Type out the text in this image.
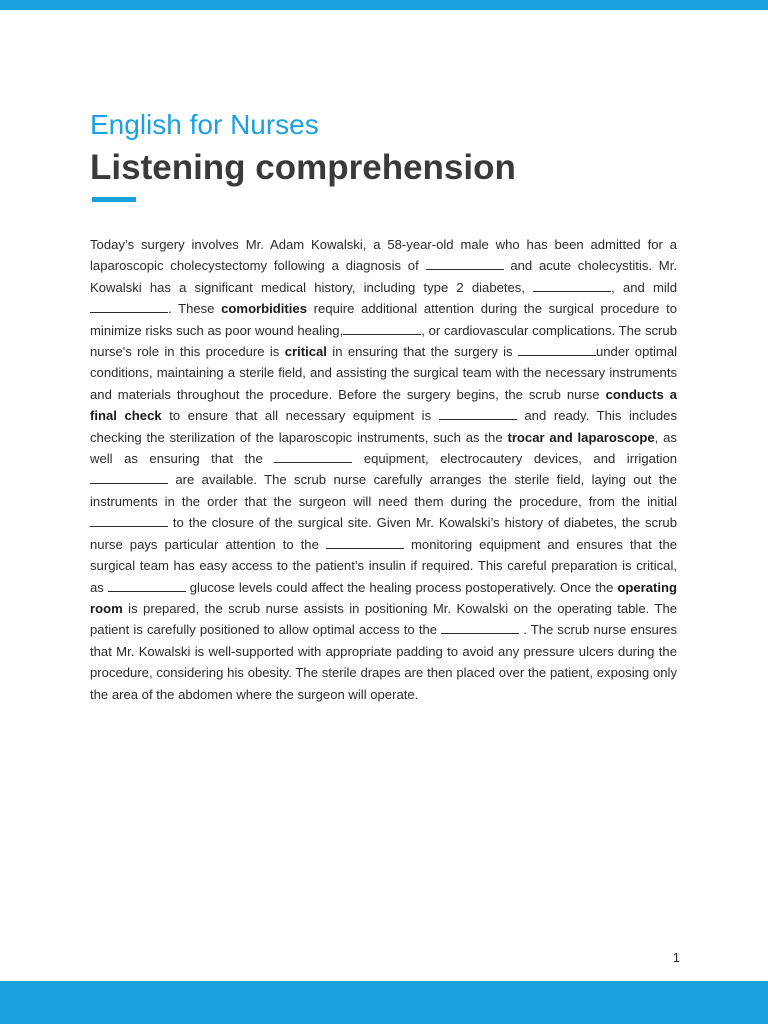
English for Nurses
Listening comprehension

Today’s surgery involves Mr. Adam Kowalski, a 58-year-old male who has been admitted for a laparoscopic cholecystectomy following a diagnosis of	and acute cholecystitis. Mr. Kowalski has a significant medical history, including type 2 diabetes,	, and mild . These comorbidities require additional attention during the surgical procedure to minimize risks such as poor wound healing,	, or cardiovascular complications. The scrub nurse's role in this procedure is critical in ensuring that the surgery is	under optimal conditions, maintaining a sterile field, and assisting the surgical team with the necessary instruments and materials throughout the procedure. Before the surgery begins, the scrub nurse conducts a final check to ensure that all necessary equipment is	and ready. This includes checking the sterilization of the laparoscopic instruments, such as the trocar and laparoscope, as well as ensuring that the	equipment, electrocautery devices, and irrigation  are available. The scrub nurse carefully arranges the sterile field, laying out the instruments in the order that the surgeon will need them during the procedure, from the initial  to the closure of the surgical site. Given Mr. Kowalski’s history of diabetes, the scrub nurse pays particular attention to the	monitoring equipment and ensures that the surgical team has easy access to the patient’s insulin if required. This careful preparation is critical, as	glucose levels could affect the healing process postoperatively. Once the operating room is prepared, the scrub nurse assists in positioning Mr. Kowalski on the operating table. The patient is carefully positioned to allow optimal access to the	. The scrub nurse ensures that Mr. Kowalski is well-supported with appropriate padding to avoid any pressure ulcers during the procedure, considering his obesity. The sterile drapes are then placed over the patient, exposing only the area of the abdomen where the surgeon will operate.

1
